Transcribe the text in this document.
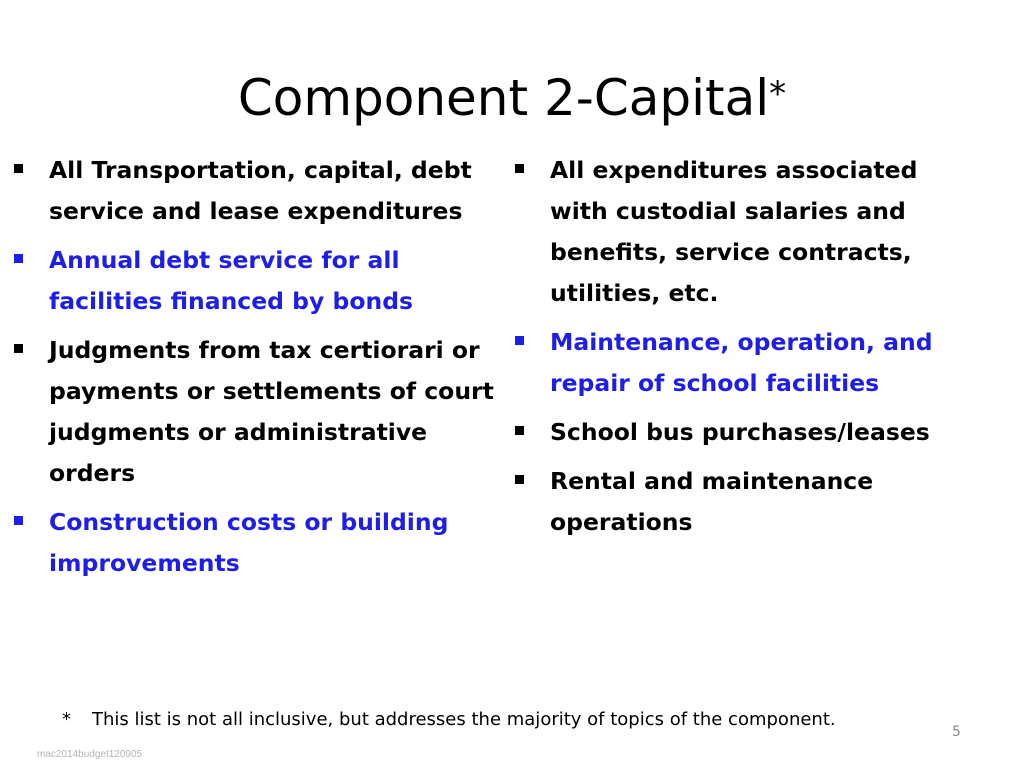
Component 2-Capital*
All Transportation, capital, debt service and lease expenditures
Annual debt service for all facilities financed by bonds
Judgments from tax certiorari or payments or settlements of court judgments or administrative orders
Construction costs or building improvements
All expenditures associated with custodial salaries and benefits, service contracts, utilities, etc.
Maintenance, operation, and repair of school facilities
School bus purchases/leases
Rental and maintenance operations
* This list is not all inclusive, but addresses the majority of topics of the component.
5
mac2014budget120905
